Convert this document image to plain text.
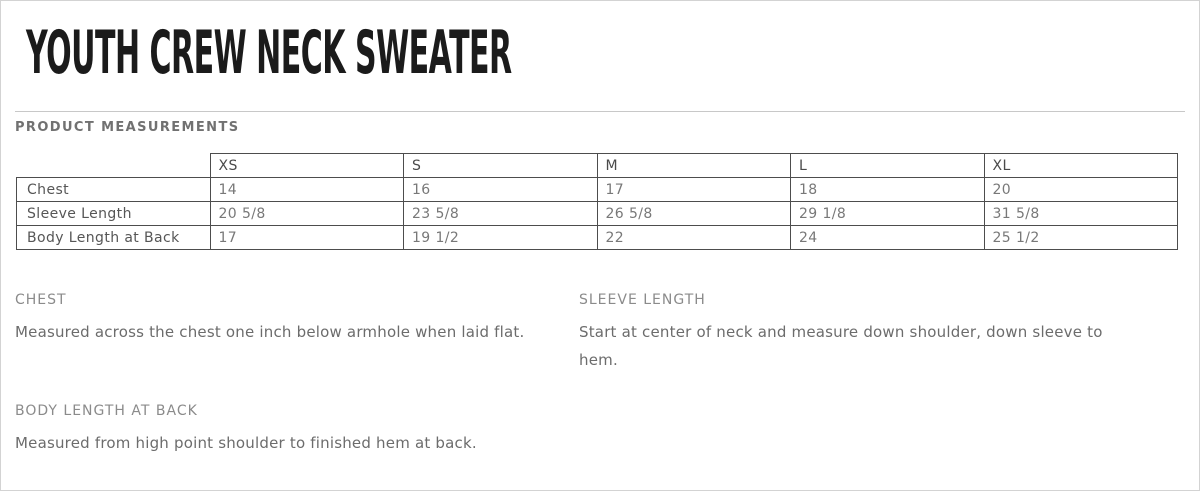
YOUTH CREW NECK SWEATER
PRODUCT MEASUREMENTS
	XS	S	M	L	XL
Chest	14	16	17	18	20
Sleeve Length	20 5/8	23 5/8	26 5/8	29 1/8	31 5/8
Body Length at Back	17	19 1/2	22	24	25 1/2
CHEST
Measured across the chest one inch below armhole when laid flat.
SLEEVE LENGTH
Start at center of neck and measure down shoulder, down sleeve to hem.
BODY LENGTH AT BACK
Measured from high point shoulder to finished hem at back.
